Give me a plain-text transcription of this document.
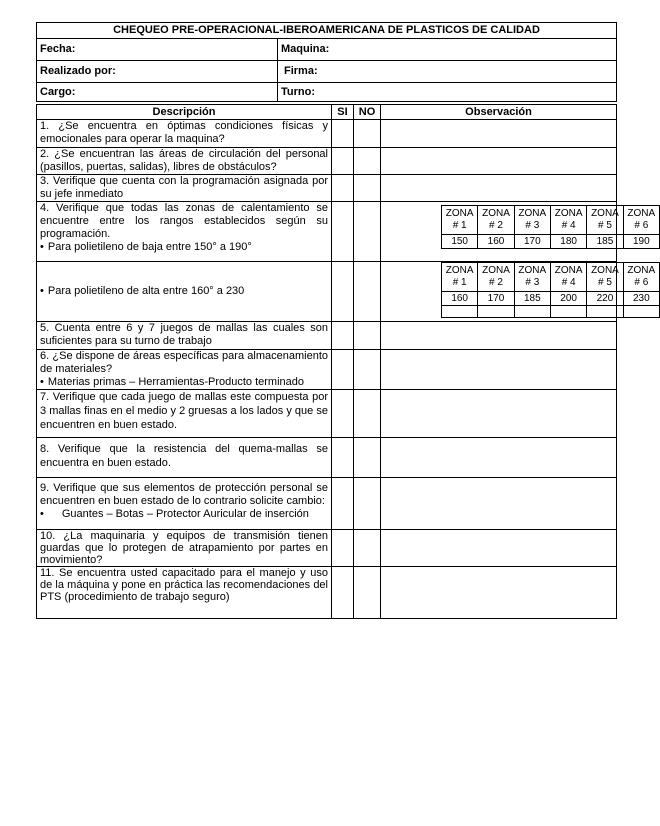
CHEQUEO PRE-OPERACIONAL-IBEROAMERICANA DE PLASTICOS DE CALIDAD	
Fecha:	Maquina:
Realizado por:	Firma:
Cargo:	Turno:
Descripción	SI	NO	Observación
1. ¿Se encuentra en óptimas condiciones físicas y emocionales para operar la maquina?			
2. ¿Se encuentran las áreas de circulación del personal (pasillos, puertas, salidas), libres de obstáculos?			
3. Verifique que cuenta con la programación asignada por su jefe inmediato			

4. Verifique que todas las zonas de calentamiento se encuentre entre los rangos establecidos según su programación.

• Para polietileno de baja entre 150° a 190°

ZONA # 1	ZONA # 2	ZONA # 3	ZONA # 4	ZONA # 5	ZONA # 6
150	160	170	180	185	190

• Para polietileno de alta entre 160° a 230

ZONA # 1	ZONA # 2	ZONA # 3	ZONA # 4	ZONA # 5	ZONA # 6
160	170	185	200	220	230

5. Cuenta entre 6 y 7 juegos de mallas las cuales son suficientes para su turno de trabajo			

6. ¿Se dispone de áreas específicas para almacenamiento de materiales?

• Materias primas – Herramientas-Producto terminado

7. Verifique que cada juego de mallas este compuesta por 3 mallas finas en el medio y 2 gruesas a los lados y que se encuentren en buen estado.			
8. Verifique que la resistencia del quema-mallas se encuentra en buen estado.			

9. Verifique que sus elementos de protección personal se encuentren en buen estado de lo contrario solicite cambio:

• Guantes – Botas – Protector Auricular de inserción

10. ¿La maquinaria y equipos de transmisión tienen guardas que lo protegen de atrapamiento por partes en movimiento?			
11. Se encuentra usted capacitado para el manejo y uso de la máquina y pone en práctica las recomendaciones del PTS (procedimiento de trabajo seguro)			
